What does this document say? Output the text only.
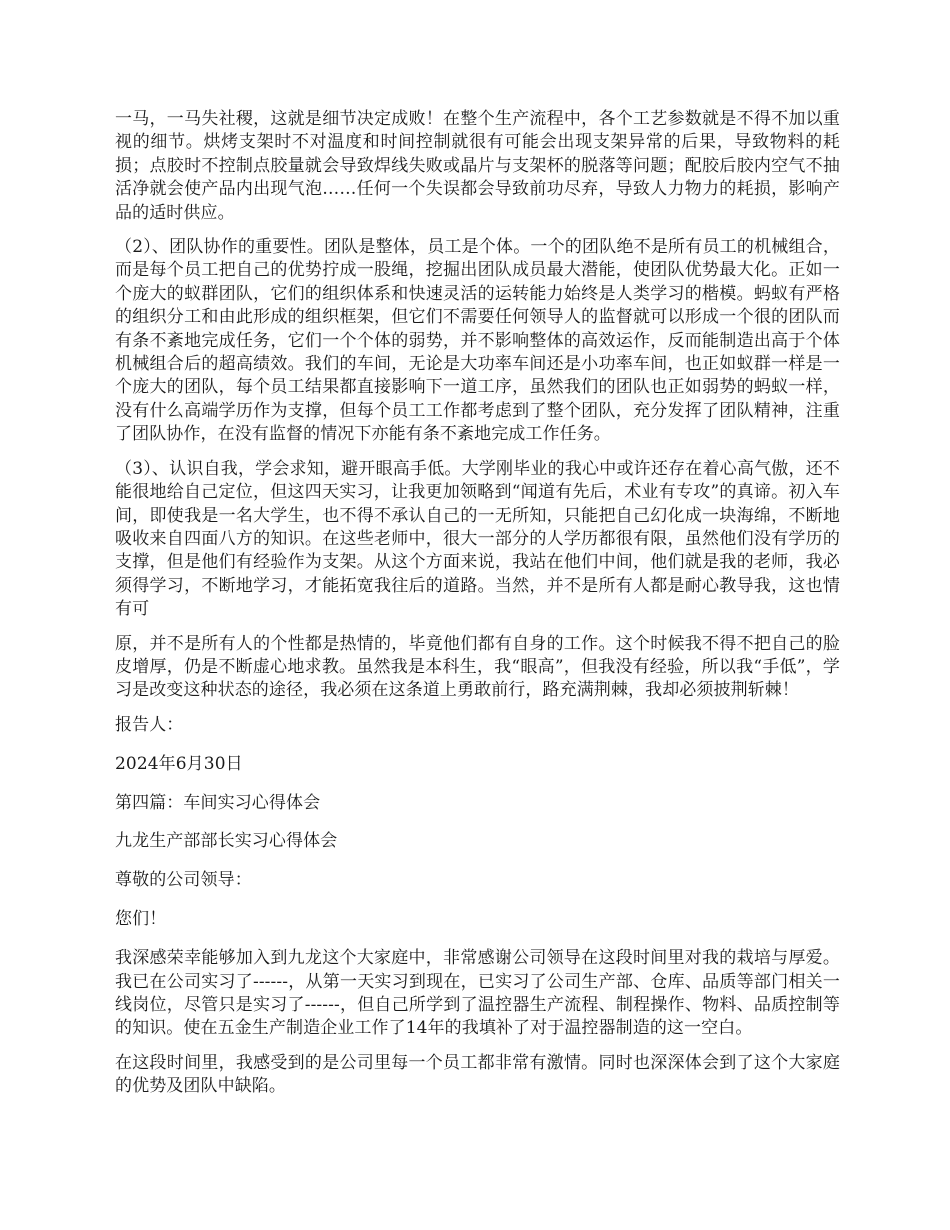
一马，一马失社稷，这就是细节决定成败！在整个生产流程中，各个工艺参数就是不得不加以重视的细节。烘烤支架时不对温度和时间控制就很有可能会出现支架异常的后果，导致物料的耗损；点胶时不控制点胶量就会导致焊线失败或晶片与支架杯的脱落等问题；配胶后胶内空气不抽活净就会使产品内出现气泡……任何一个失误都会导致前功尽弃，导致人力物力的耗损，影响产品的适时供应。

（2）、团队协作的重要性。团队是整体，员工是个体。一个的团队绝不是所有员工的机械组合，而是每个员工把自己的优势拧成一股绳，挖掘出团队成员最大潜能，使团队优势最大化。正如一个庞大的蚁群团队，它们的组织体系和快速灵活的运转能力始终是人类学习的楷模。蚂蚁有严格的组织分工和由此形成的组织框架，但它们不需要任何领导人的监督就可以形成一个很的团队而有条不紊地完成任务，它们一个个体的弱势，并不影响整体的高效运作，反而能制造出高于个体机械组合后的超高绩效。我们的车间，无论是大功率车间还是小功率车间，也正如蚁群一样是一个庞大的团队，每个员工结果都直接影响下一道工序，虽然我们的团队也正如弱势的蚂蚁一样，没有什么高端学历作为支撑，但每个员工工作都考虑到了整个团队，充分发挥了团队精神，注重了团队协作，在没有监督的情况下亦能有条不紊地完成工作任务。

（3）、认识自我，学会求知，避开眼高手低。大学刚毕业的我心中或许还存在着心高气傲，还不能很地给自己定位，但这四天实习，让我更加领略到“闻道有先后，术业有专攻”的真谛。初入车间，即使我是一名大学生，也不得不承认自己的一无所知，只能把自己幻化成一块海绵，不断地吸收来自四面八方的知识。在这些老师中，很大一部分的人学历都很有限，虽然他们没有学历的支撑，但是他们有经验作为支架。从这个方面来说，我站在他们中间，他们就是我的老师，我必须得学习，不断地学习，才能拓宽我往后的道路。当然，并不是所有人都是耐心教导我，这也情有可

原，并不是所有人的个性都是热情的，毕竟他们都有自身的工作。这个时候我不得不把自己的脸皮增厚，仍是不断虚心地求教。虽然我是本科生，我“眼高”，但我没有经验，所以我“手低”，学习是改变这种状态的途径，我必须在这条道上勇敢前行，路充满荆棘，我却必须披荆斩棘！

报告人：

2024年6月30日

第四篇：车间实习心得体会

九龙生产部部长实习心得体会

尊敬的公司领导：

您们！

我深感荣幸能够加入到九龙这个大家庭中，非常感谢公司领导在这段时间里对我的栽培与厚爱。我已在公司实习了------，从第一天实习到现在，已实习了公司生产部、仓库、品质等部门相关一线岗位，尽管只是实习了------，但自己所学到了温控器生产流程、制程操作、物料、品质控制等的知识。使在五金生产制造企业工作了14年的我填补了对于温控器制造的这一空白。

在这段时间里，我感受到的是公司里每一个员工都非常有激情。同时也深深体会到了这个大家庭的优势及团队中缺陷。
